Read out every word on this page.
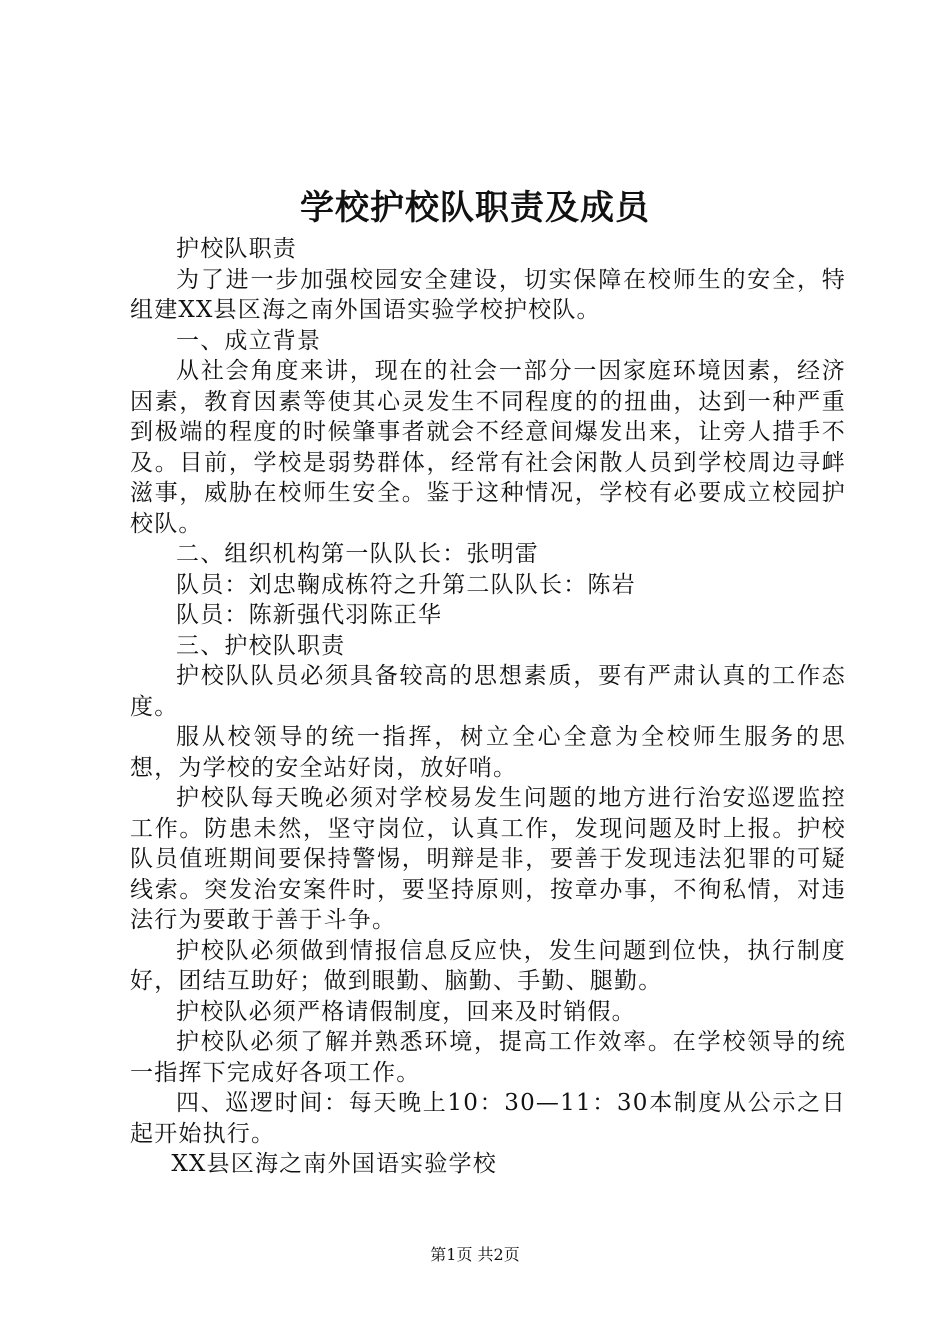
学校护校队职责及成员

护校队职责

为了进一步加强校园安全建设，切实保障在校师生的安全，特组建XX县区海之南外国语实验学校护校队。

一、成立背景

从社会角度来讲，现在的社会一部分一因家庭环境因素，经济因素，教育因素等使其心灵发生不同程度的的扭曲，达到一种严重到极端的程度的时候肇事者就会不经意间爆发出来，让旁人措手不及。目前，学校是弱势群体，经常有社会闲散人员到学校周边寻衅滋事，威胁在校师生安全。鉴于这种情况，学校有必要成立校园护校队。

二、组织机构第一队队长：张明雷

队员：刘忠鞠成栋符之升第二队队长：陈岩

队员：陈新强代羽陈正华

三、护校队职责

护校队队员必须具备较高的思想素质，要有严肃认真的工作态度。

服从校领导的统一指挥，树立全心全意为全校师生服务的思想，为学校的安全站好岗，放好哨。

护校队每天晚必须对学校易发生问题的地方进行治安巡逻监控工作。防患未然，坚守岗位，认真工作，发现问题及时上报。护校队员值班期间要保持警惕，明辩是非，要善于发现违法犯罪的可疑线索。突发治安案件时，要坚持原则，按章办事，不徇私情，对违法行为要敢于善于斗争。

护校队必须做到情报信息反应快，发生问题到位快，执行制度好，团结互助好；做到眼勤、脑勤、手勤、腿勤。

护校队必须严格请假制度，回来及时销假。

护校队必须了解并熟悉环境，提高工作效率。在学校领导的统一指挥下完成好各项工作。

四、巡逻时间：每天晚上10：30—11：30本制度从公示之日起开始执行。

XX县区海之南外国语实验学校

第1页 共2页
